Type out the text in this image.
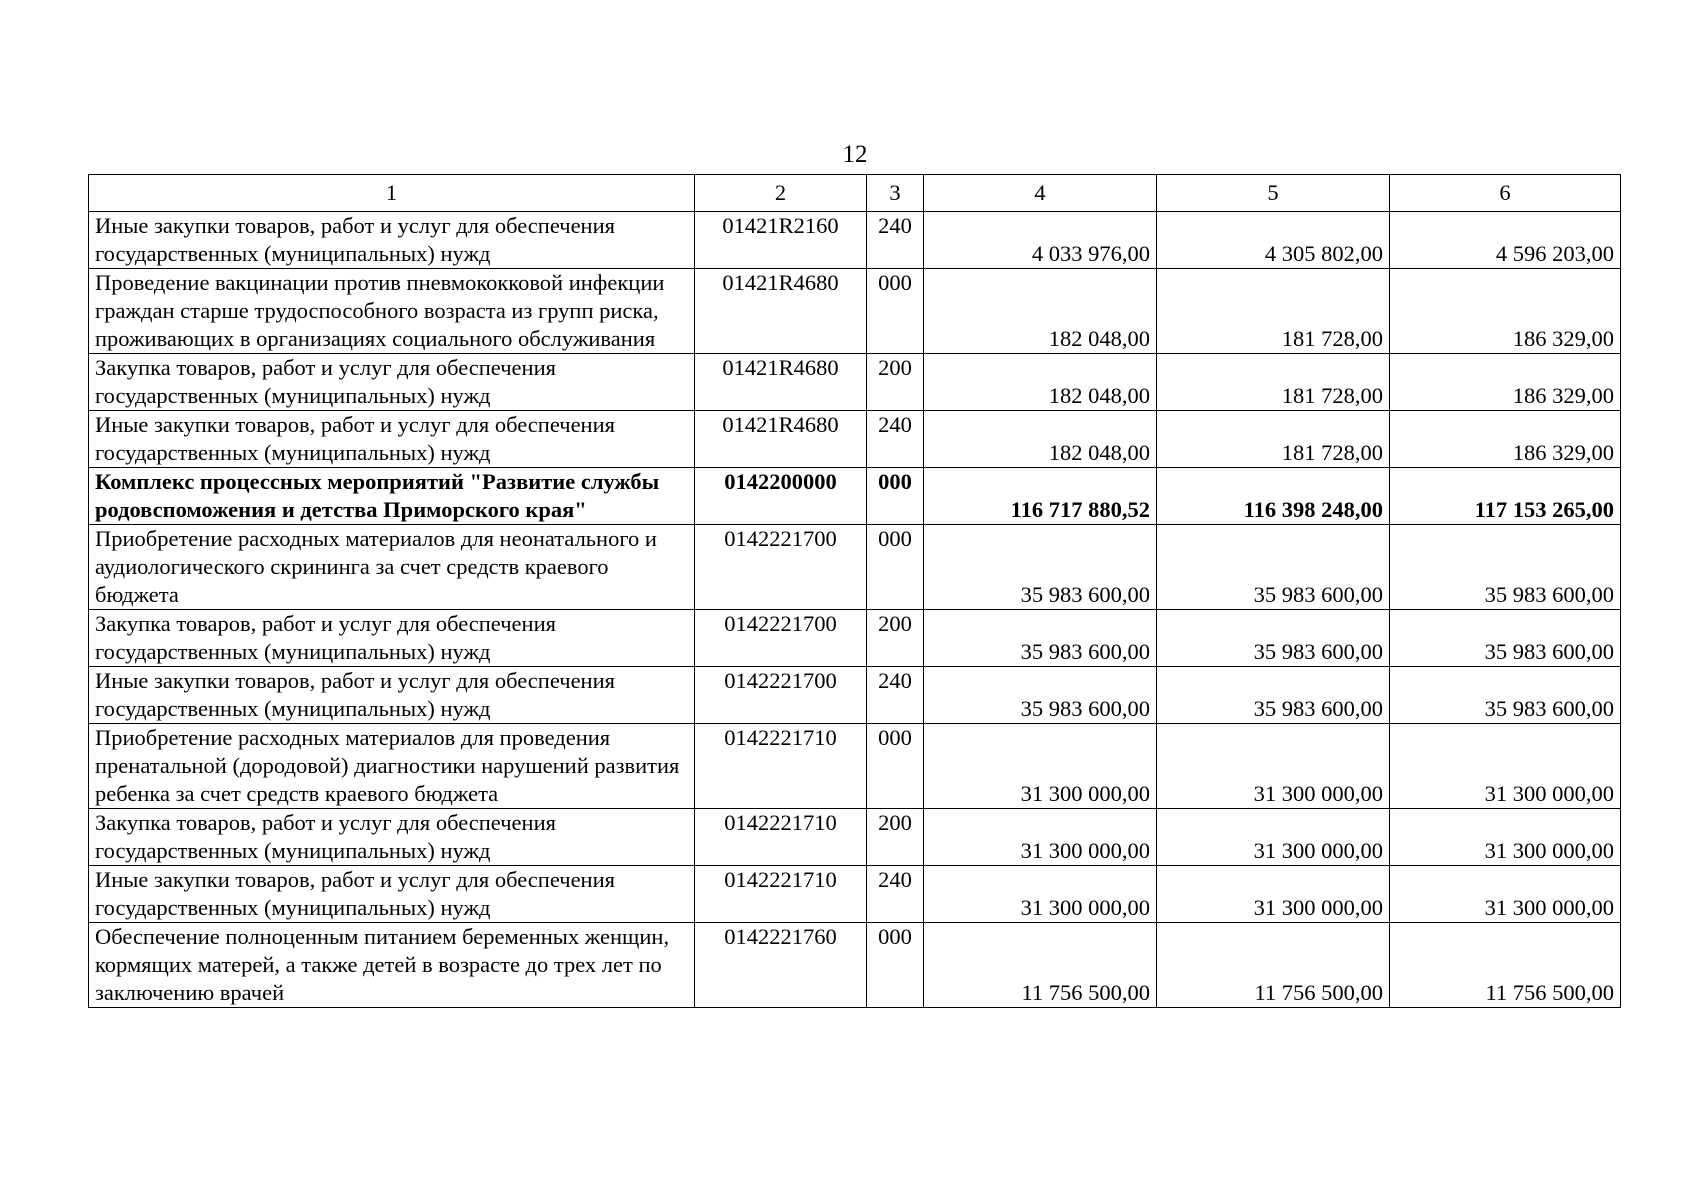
12
1	2	3	4	5	6
Иные закупки товаров, работ и услуг для обеспечения государственных (муниципальных) нужд	01421R2160	240	4 033 976,00	4 305 802,00	4 596 203,00
Проведение вакцинации против пневмококковой инфекции граждан старше трудоспособного возраста из групп риска, проживающих в организациях социального обслуживания	01421R4680	000	182 048,00	181 728,00	186 329,00
Закупка товаров, работ и услуг для обеспечения государственных (муниципальных) нужд	01421R4680	200	182 048,00	181 728,00	186 329,00
Иные закупки товаров, работ и услуг для обеспечения государственных (муниципальных) нужд	01421R4680	240	182 048,00	181 728,00	186 329,00
Комплекс процессных мероприятий "Развитие службы родовспоможения и детства Приморского края"	0142200000	000	116 717 880,52	116 398 248,00	117 153 265,00
Приобретение расходных материалов для неонатального и аудиологического скрининга за счет средств краевого бюджета	0142221700	000	35 983 600,00	35 983 600,00	35 983 600,00
Закупка товаров, работ и услуг для обеспечения государственных (муниципальных) нужд	0142221700	200	35 983 600,00	35 983 600,00	35 983 600,00
Иные закупки товаров, работ и услуг для обеспечения государственных (муниципальных) нужд	0142221700	240	35 983 600,00	35 983 600,00	35 983 600,00
Приобретение расходных материалов для проведения пренатальной (дородовой) диагностики нарушений развития ребенка за счет средств краевого бюджета	0142221710	000	31 300 000,00	31 300 000,00	31 300 000,00
Закупка товаров, работ и услуг для обеспечения государственных (муниципальных) нужд	0142221710	200	31 300 000,00	31 300 000,00	31 300 000,00
Иные закупки товаров, работ и услуг для обеспечения государственных (муниципальных) нужд	0142221710	240	31 300 000,00	31 300 000,00	31 300 000,00
Обеспечение полноценным питанием беременных женщин, кормящих матерей, а также детей в возрасте до трех лет по заключению врачей	0142221760	000	11 756 500,00	11 756 500,00	11 756 500,00
